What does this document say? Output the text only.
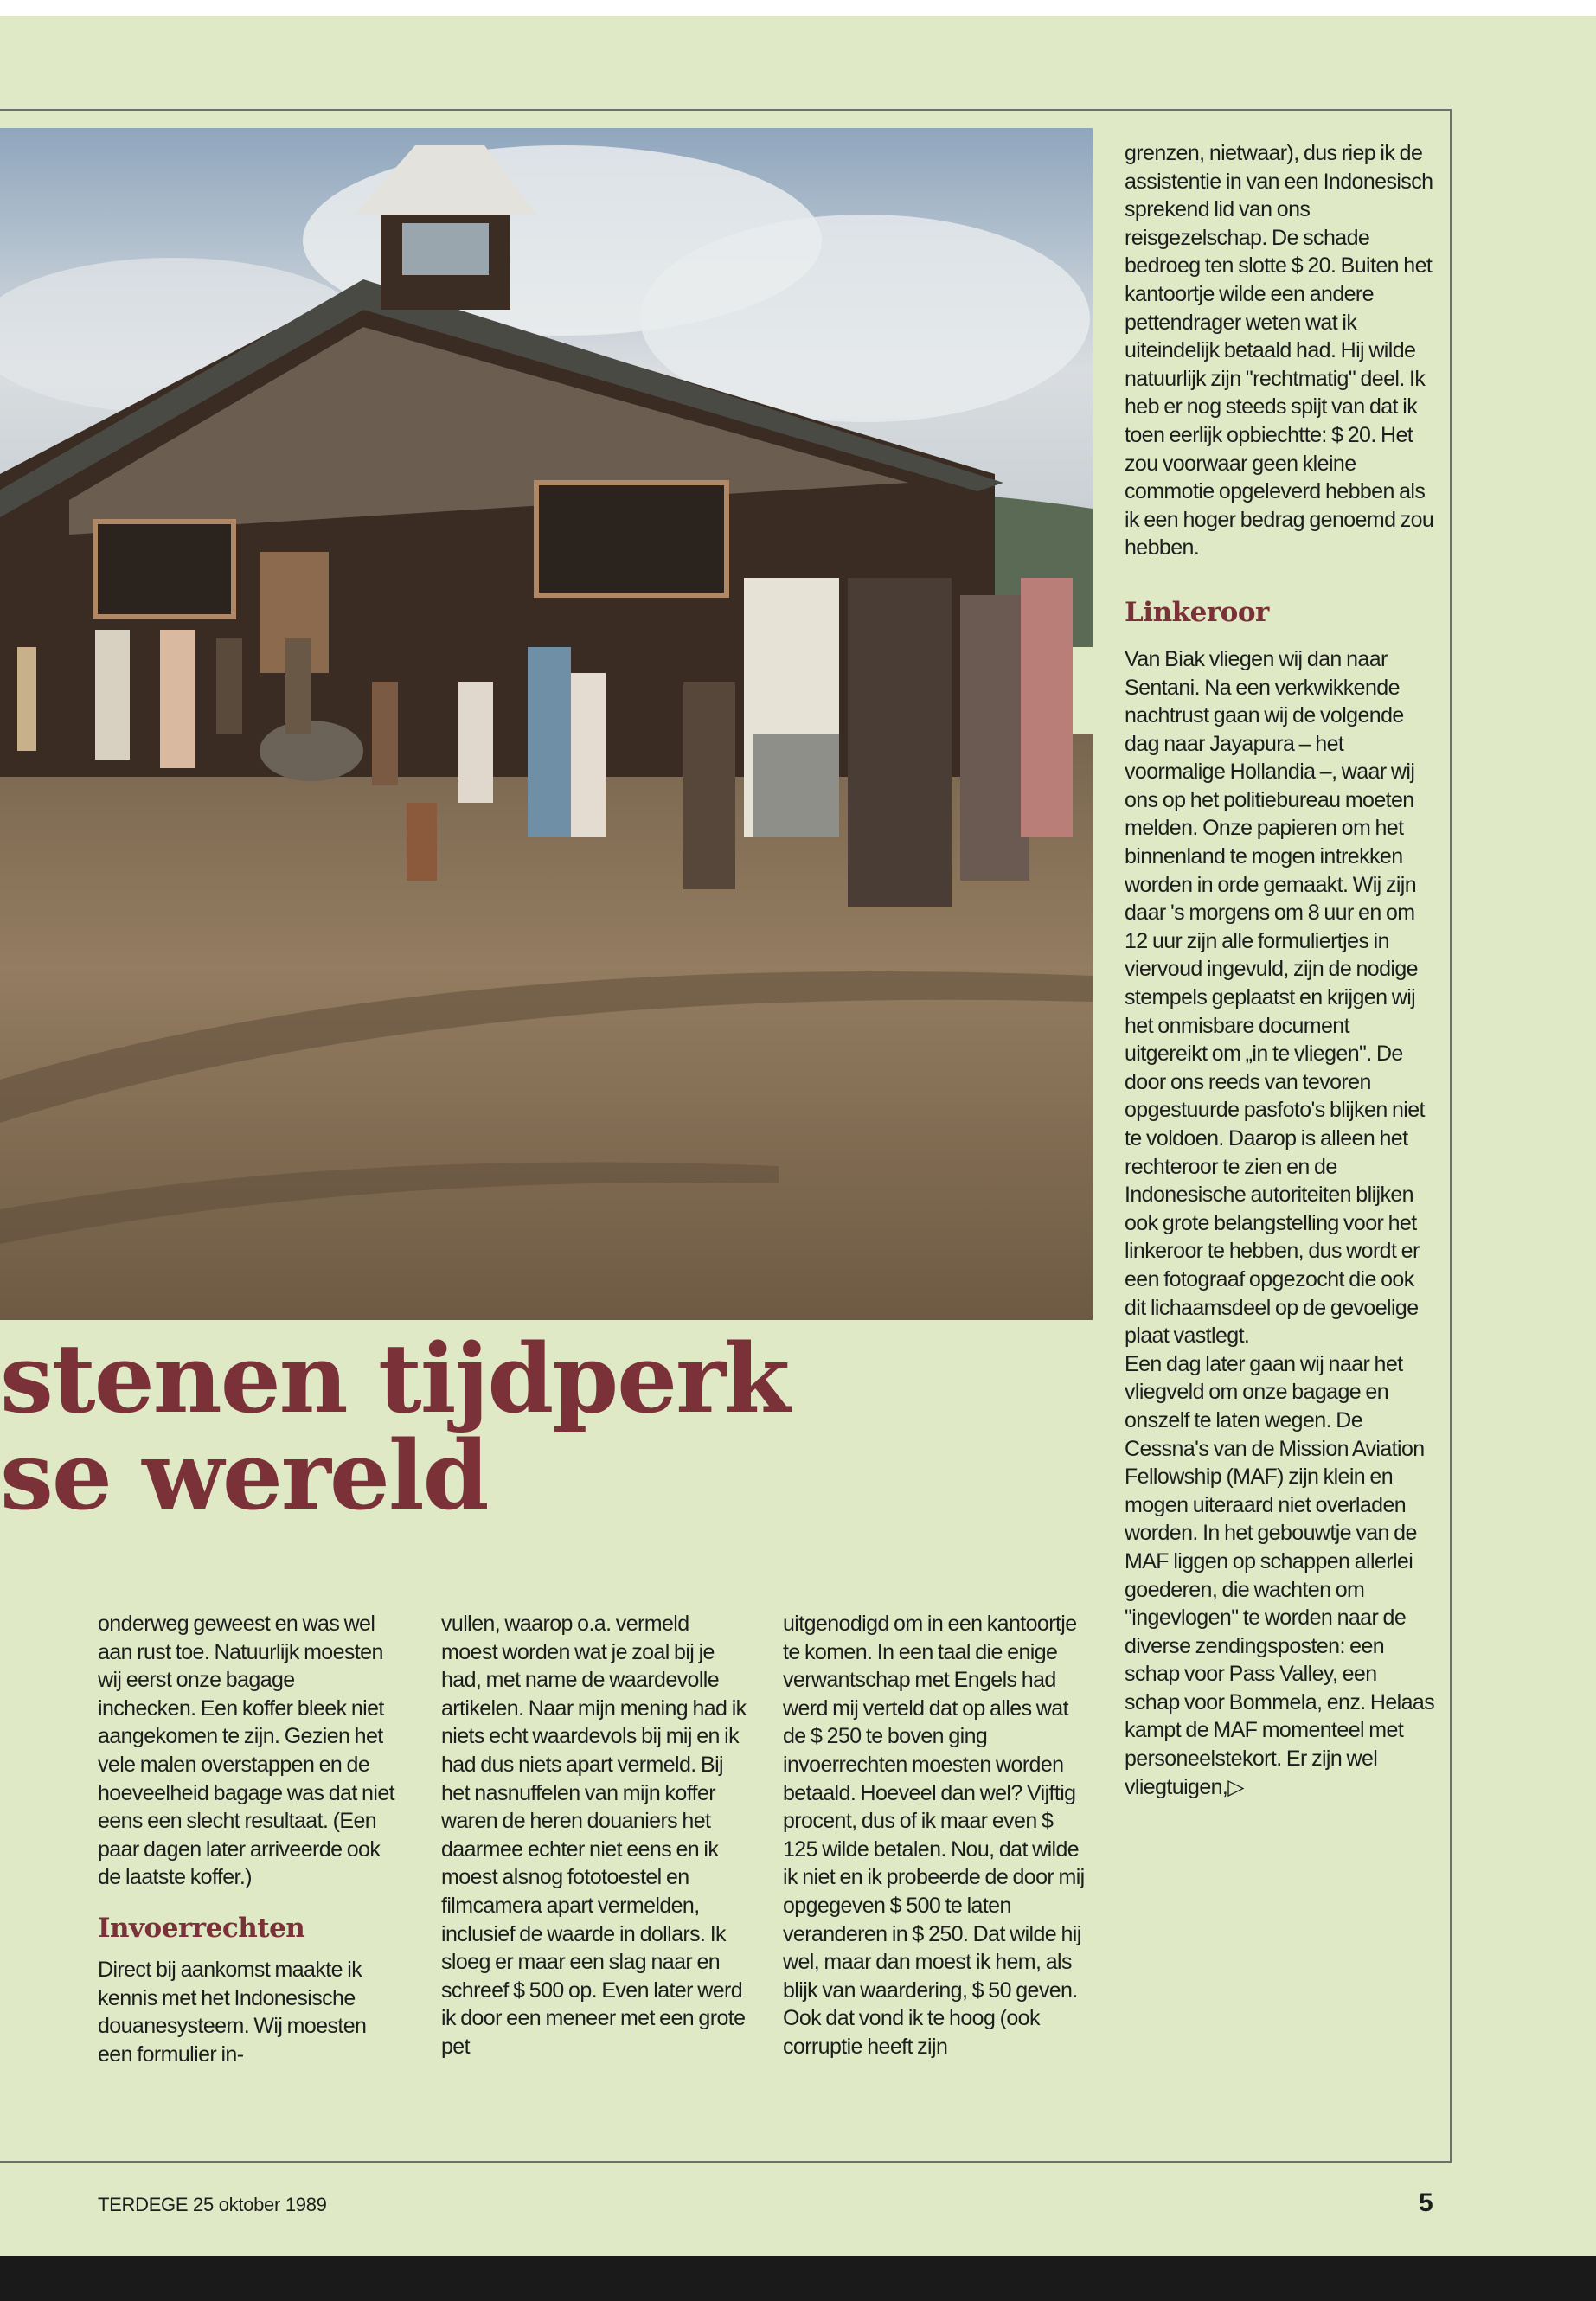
stenen tijdperk
se wereld

onderweg geweest en was wel aan rust toe. Natuurlijk moesten wij eerst onze bagage inchecken. Een koffer bleek niet aangekomen te zijn. Gezien het vele malen overstappen en de hoeveelheid bagage was dat niet eens een slecht resultaat. (Een paar dagen later arriveerde ook de laatste koffer.)

Invoerrechten

Direct bij aankomst maakte ik kennis met het Indonesische douanesysteem. Wij moesten een formulier in-

vullen, waarop o.a. vermeld moest worden wat je zoal bij je had, met name de waardevolle artikelen. Naar mijn mening had ik niets echt waardevols bij mij en ik had dus niets apart vermeld. Bij het nasnuffelen van mijn koffer waren de heren douaniers het daarmee echter niet eens en ik moest alsnog fototoestel en filmcamera apart vermelden, inclusief de waarde in dollars. Ik sloeg er maar een slag naar en schreef $ 500 op. Even later werd ik door een meneer met een grote pet

uitgenodigd om in een kantoortje te komen. In een taal die enige verwantschap met Engels had werd mij verteld dat op alles wat de $ 250 te boven ging invoerrechten moesten worden betaald. Hoeveel dan wel? Vijftig procent, dus of ik maar even $ 125 wilde betalen. Nou, dat wilde ik niet en ik probeerde de door mij opgegeven $ 500 te laten veranderen in $ 250. Dat wilde hij wel, maar dan moest ik hem, als blijk van waardering, $ 50 geven. Ook dat vond ik te hoog (ook corruptie heeft zijn

grenzen, nietwaar), dus riep ik de assistentie in van een Indonesisch sprekend lid van ons reisgezelschap. De schade bedroeg ten slotte $ 20. Buiten het kantoortje wilde een andere pettendrager weten wat ik uiteindelijk betaald had. Hij wilde natuurlijk zijn "rechtmatig" deel. Ik heb er nog steeds spijt van dat ik toen eerlijk opbiechtte: $ 20. Het zou voorwaar geen kleine commotie opgeleverd hebben als ik een hoger bedrag genoemd zou hebben.

Linkeroor

Van Biak vliegen wij dan naar Sentani. Na een verkwikkende nachtrust gaan wij de volgende dag naar Jayapura – het voormalige Hollandia –, waar wij ons op het politiebureau moeten melden. Onze papieren om het binnenland te mogen intrekken worden in orde gemaakt. Wij zijn daar 's morgens om 8 uur en om 12 uur zijn alle formuliertjes in viervoud ingevuld, zijn de nodige stempels geplaatst en krijgen wij het onmisbare document uitgereikt om „in te vliegen". De door ons reeds van tevoren opgestuurde pasfoto's blijken niet te voldoen. Daarop is alleen het rechteroor te zien en de Indonesische autoriteiten blijken ook grote belangstelling voor het linkeroor te hebben, dus wordt er een fotograaf opgezocht die ook dit lichaamsdeel op de gevoelige plaat vastlegt.

Een dag later gaan wij naar het vliegveld om onze bagage en onszelf te laten wegen. De Cessna's van de Mission Aviation Fellowship (MAF) zijn klein en mogen uiteraard niet overladen worden. In het gebouwtje van de MAF liggen op schappen allerlei goederen, die wachten om "ingevlogen" te worden naar de diverse zendingsposten: een schap voor Pass Valley, een schap voor Bommela, enz. Helaas kampt de MAF momenteel met personeelstekort. Er zijn wel vliegtuigen,▷

TERDEGE 25 oktober 1989	5
